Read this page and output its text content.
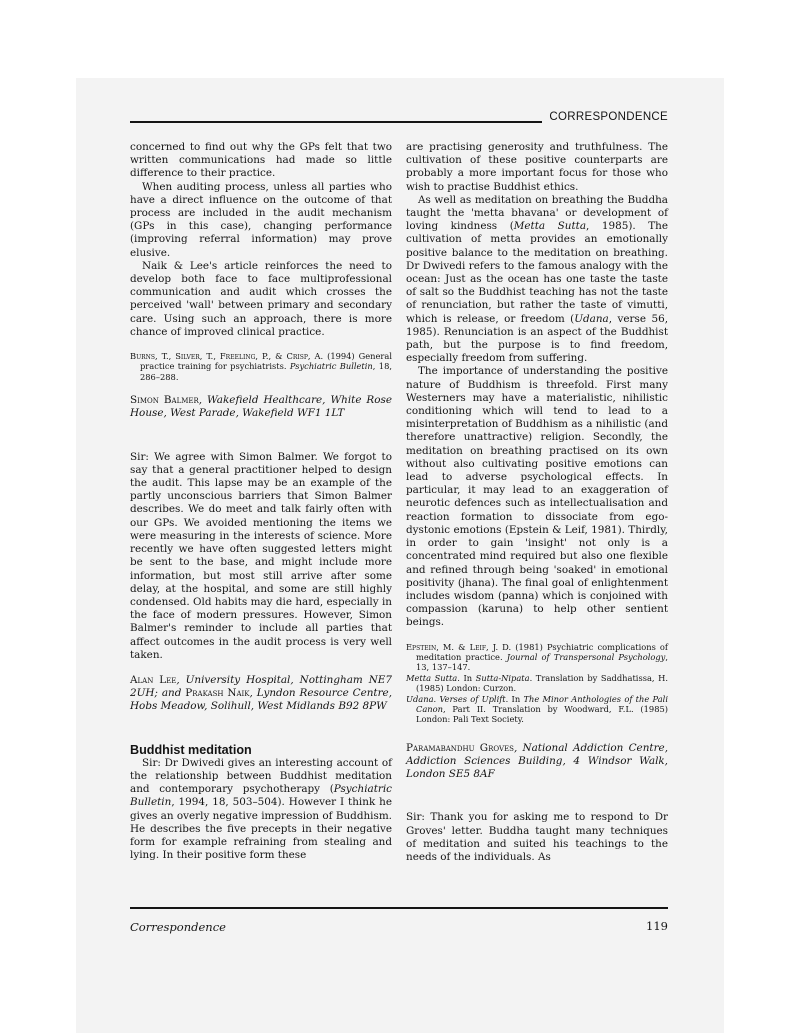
CORRESPONDENCE

concerned to find out why the GPs felt that two written communications had made so little difference to their practice.

When auditing process, unless all parties who have a direct influence on the outcome of that process are included in the audit mechanism (GPs in this case), changing performance (improving referral information) may prove elusive.

Naik & Lee's article reinforces the need to develop both face to face multiprofessional communication and audit which crosses the perceived 'wall' between primary and secondary care. Using such an approach, there is more chance of improved clinical practice.

Burns, T., Silver, T., Freeling, P., & Crisp, A. (1994) General practice training for psychiatrists. Psychiatric Bulletin, 18, 286–288.

Simon Balmer, Wakefield Healthcare, White Rose House, West Parade, Wakefield WF1 1LT

Sir: We agree with Simon Balmer. We forgot to say that a general practitioner helped to design the audit. This lapse may be an example of the partly unconscious barriers that Simon Balmer describes. We do meet and talk fairly often with our GPs. We avoided mentioning the items we were measuring in the interests of science. More recently we have often suggested letters might be sent to the base, and might include more information, but most still arrive after some delay, at the hospital, and some are still highly condensed. Old habits may die hard, especially in the face of modern pressures. However, Simon Balmer's reminder to include all parties that affect outcomes in the audit process is very well taken.

Alan Lee, University Hospital, Nottingham NE7 2UH; and Prakash Naik, Lyndon Resource Centre, Hobs Meadow, Solihull, West Midlands B92 8PW

Buddhist meditation

Sir: Dr Dwivedi gives an interesting account of the relationship between Buddhist meditation and contemporary psychotherapy (Psychiatric Bulletin, 1994, 18, 503–504). However I think he gives an overly negative impression of Buddhism. He describes the five precepts in their negative form for example refraining from stealing and lying. In their positive form these

are practising generosity and truthfulness. The cultivation of these positive counterparts are probably a more important focus for those who wish to practise Buddhist ethics.

As well as meditation on breathing the Buddha taught the 'metta bhavana' or development of loving kindness (Metta Sutta, 1985). The cultivation of metta provides an emotionally positive balance to the meditation on breathing. Dr Dwivedi refers to the famous analogy with the ocean: Just as the ocean has one taste the taste of salt so the Buddhist teaching has not the taste of renunciation, but rather the taste of vimutti, which is release, or freedom (Udana, verse 56, 1985). Renunciation is an aspect of the Buddhist path, but the purpose is to find freedom, especially freedom from suffering.

The importance of understanding the positive nature of Buddhism is threefold. First many Westerners may have a materialistic, nihilistic conditioning which will tend to lead to a misinterpretation of Buddhism as a nihilistic (and therefore unattractive) religion. Secondly, the meditation on breathing practised on its own without also cultivating positive emotions can lead to adverse psychological effects. In particular, it may lead to an exaggeration of neurotic defences such as intellectualisation and reaction formation to dissociate from ego-dystonic emotions (Epstein & Leif, 1981). Thirdly, in order to gain 'insight' not only is a concentrated mind required but also one flexible and refined through being 'soaked' in emotional positivity (jhana). The final goal of enlightenment includes wisdom (panna) which is conjoined with compassion (karuna) to help other sentient beings.

Epstein, M. & Leif, J. D. (1981) Psychiatric complications of meditation practice. Journal of Transpersonal Psychology, 13, 137–147.

Metta Sutta. In Sutta-Nipata. Translation by Saddhatissa, H. (1985) London: Curzon.

Udana. Verses of Uplift. In The Minor Anthologies of the Pali Canon, Part II. Translation by Woodward, F.L. (1985) London: Pali Text Society.

Paramabandhu Groves, National Addiction Centre, Addiction Sciences Building, 4 Windsor Walk, London SE5 8AF

Sir: Thank you for asking me to respond to Dr Groves' letter. Buddha taught many techniques of meditation and suited his teachings to the needs of the individuals. As

Correspondence	119
